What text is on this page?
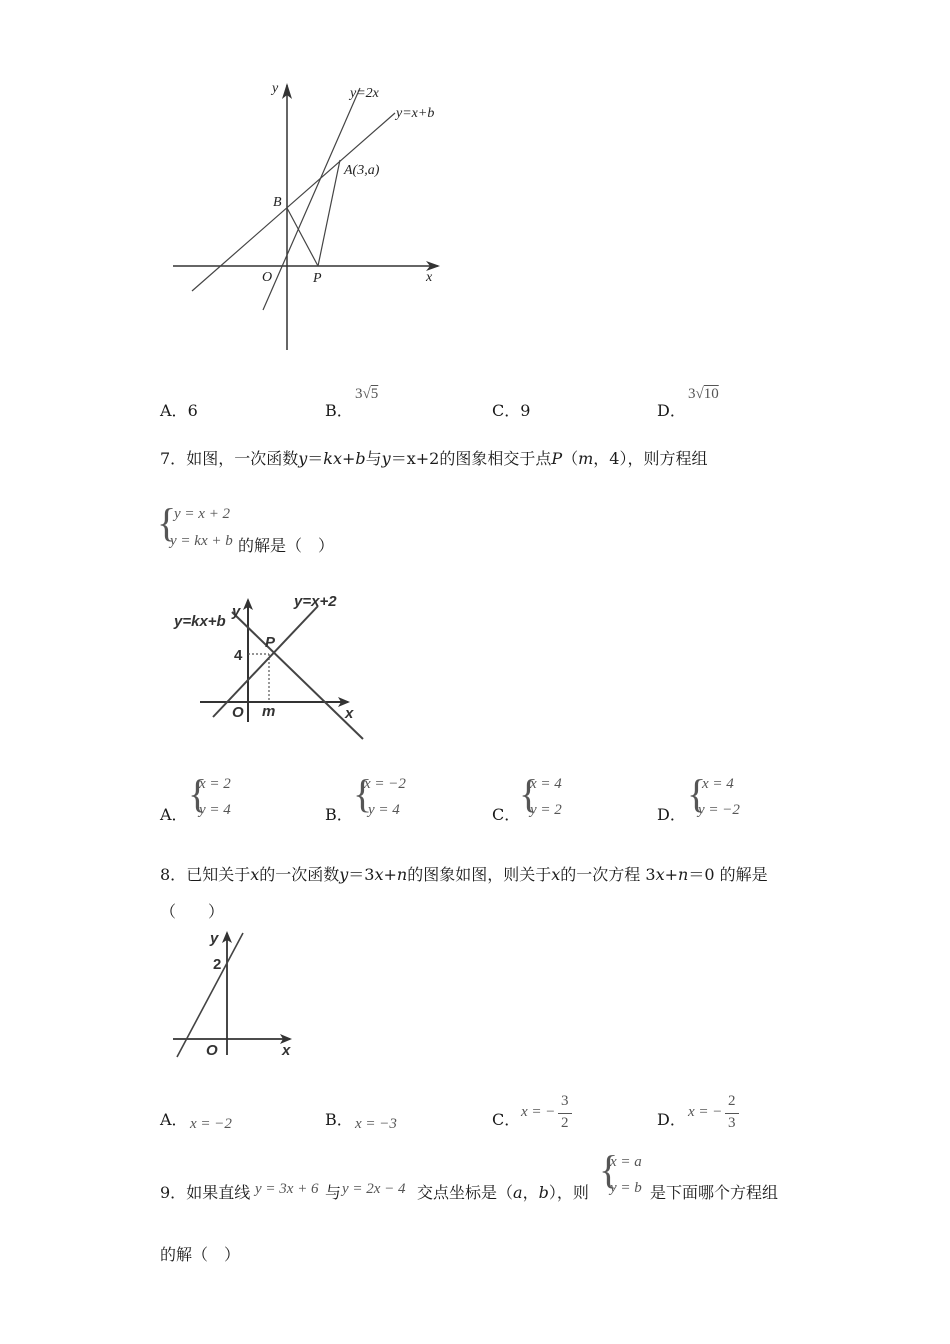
y
x
O
y=2x
y=x+b
A(3,a)
B
P
A．6	B．
3√5
C．9	D．
3√10
7．如图，一次函数y＝kx+b与y＝x+2的图象相交于点P（m，4），则方程组
{
y = x + 2
y = kx + b 的解是（　）
y=kx+b
y=x+2
y
x
O
P
4
m
A． {
x = 2
y = 4	B． {
x = −2
y = 4	C．
{
x = 4
y = 2	D． {
x = 4
y = −2
8．已知关于x的一次函数y＝3x+n的图象如图，则关于x的一次方程 3x+n＝0 的解是
（　　）
y
x
O
2
A． x = −2	B． x = −3	C． x = −
3
2	D． x = −
2
3
9．如果直线 y = 3x + 6 与 y = 2x − 4 交点坐标是（a，b），则
{
x = a
y = b 是下面哪个方程组
的解（　）
